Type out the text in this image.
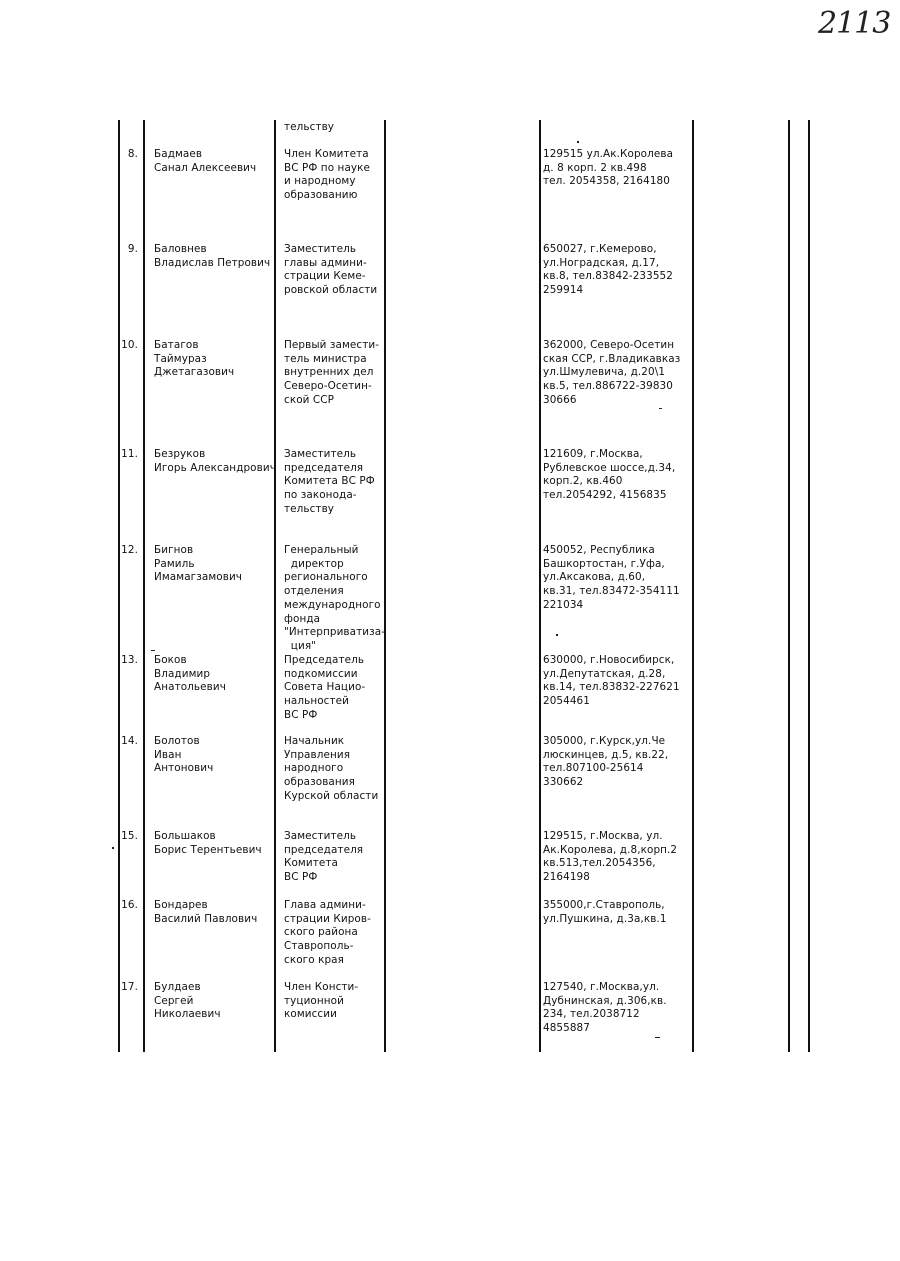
2113
тельству
8. Бадмаев
Санал Алексеевич
Член Комитета
ВС РФ по науке
и народному
образованию
129515 ул.Ак.Королева
д. 8 корп. 2 кв.498
тел. 2054358, 2164180
9. Баловнев
Владислав Петрович
Заместитель
главы админи-
страции Кеме-
ровской области
650027, г.Кемерово,
ул.Ноградская, д.17,
кв.8, тел.83842-233552
259914
10. Батагов
Таймураз
Джетагазович
Первый замести-
тель министра
внутренних дел
Северо-Осетин-
ской ССР
362000, Северо-Осетин
ская ССР, г.Владикавказ
ул.Шмулевича, д.20\1
кв.5, тел.886722-39830
30666
11. Безруков
Игорь Александрович
Заместитель
председателя
Комитета ВС РФ
по законода-
тельству
121609, г.Москва,
Рублевское шоссе,д.34,
корп.2, кв.460
тел.2054292, 4156835
12. Бигнов
Рамиль
Имамагзамович
Генеральный
директор
регионального
отделения
международного
фонда
"Интерприватиза-
ция"
450052, Республика
Башкортостан, г.Уфа,
ул.Аксакова, д.60,
кв.31, тел.83472-354111
221034
13. Боков
Владимир
Анатольевич
Председатель
подкомиссии
Совета Нацио-
нальностей
ВС РФ
630000, г.Новосибирск,
ул.Депутатская, д.28,
кв.14, тел.83832-227621
2054461
14. Болотов
Иван
Антонович
Начальник
Управления
народного
образования
Курской области
305000, г.Курск,ул.Че
люскинцев, д.5, кв.22,
тел.807100-25614
330662
15. Большаков
Борис Терентьевич
Заместитель
председателя
Комитета
ВС РФ
129515, г.Москва, ул.
Ак.Королева, д.8,корп.2
кв.513,тел.2054356,
2164198
16. Бондарев
Василий Павлович
Глава админи-
страции Киров-
ского района
Ставрополь-
ского края
355000,г.Ставрополь,
ул.Пушкина, д.3а,кв.1
17. Булдаев
Сергей
Николаевич
Член Консти-
туционной
комиссии
127540, г.Москва,ул.
Дубнинская, д.306,кв.
234, тел.2038712
4855887
